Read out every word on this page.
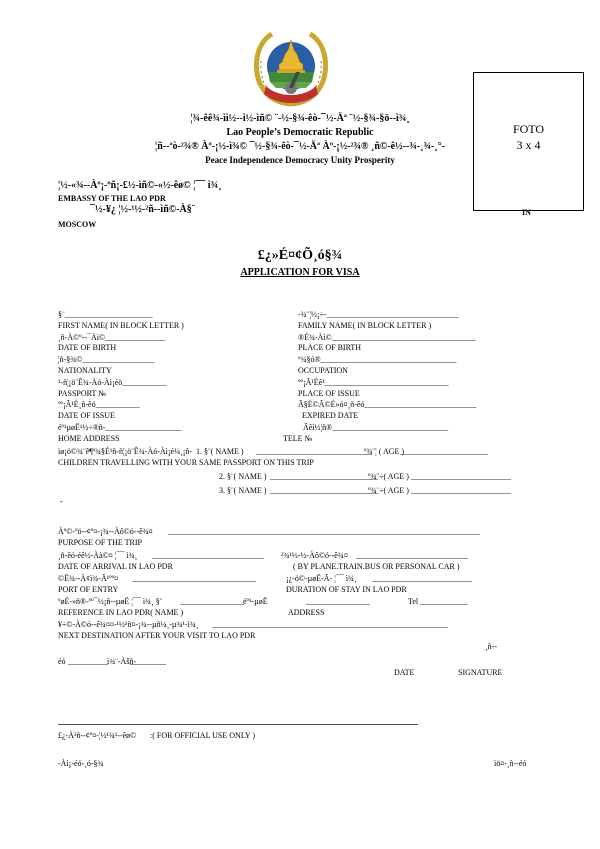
¦¾-êê¾-ìì½--ì½-ìñ© ¨-½-§¾-êò-¯½-Äª ¨½-§¾-§ö--ì¾¸
Lao People’s Democratic Republic
¦ñ--ªò-²¾® Àº-¡½-ì¾© ¯½-§¾-êò-¯½-Äª Àº-¡½-²¾® ¸ñ©-ê½--¾-¸¾-¸°-
Peace Independence Democracy Unity Prosperity
FOTO
3 x 4
¦½-«¾--Àº¡-ºñ¡-£½-ìñ©-«½-êø© ¦¯¯ ì¾¸
EMBASSY OF THE LAO PDR
¯½-¥¿ ¦½-¹½-²ñ--ìñ©-À§¨	IN
MOSCOW
£¿»É¤¢Õ¸ó§¾
APPLICATION FOR VISA
§¨______________________	-¾¨¦½¡÷-_________________________________
FIRST NAME( IN BLOCK LETTER )	FAMILY NAME( IN BLOCK LETTER )
¸ñ-À©º--¯Àì©_______________	®É¾-Àì©____________________________________
DATE OF BIRTH	PLACE OF BIRTH
¦ñ-§¾©__________________	º¾§ó®__________________________________
NATIONALITY	OCCUPATION
¹-ñ¦¡ö¨Ê¾-Àó-Àì¡éö___________	ºº¡Ã¹Éê¹_______________________________
PASSPORT №	PLACE OF ISSUE
ºº¡Ã¹É¸ñ-êó___________	Ã§É©Ã©É»ó¤¸ñ-êó____________________________
DATE OF ISSUE	EXPIRED DATE
éº¹µøË¹½÷®ñ-___________________	Âêì½¦ñ®_____________________________
HOME ADDRESS	TELE №
ìø¡ö©¾¨ê¶ª¾§É¹ñ-ñ¦¡ö¨Ê¾-Àó-Àì¡é¼¸¡ñ- 1. §¨( NAME ) _____________________________
º¾¨¦ ( AGE )
______________________
CHILDREN TRAVELLING WITH YOUR SAME PASSPORT ON THIS TRIP
2. §¨( NAME ) ___________________________
º¾¨÷( AGE ) _________________________
3. §¨( NAME ) ___________________________
º¾¨÷( AGE ) _________________________
-
Àº©-ºö--¢º¤-¡¾--Àô©ó--ê¾¤ ______________________________________________________________________________
PURPOSE OF THE TRIP
¸ñ-êó-éê½-Àà©¤ ¦¯¯ ì¾¸ ____________________________ ²¾¹½-½-Àô©ó--ê¾¤ ____________________________
DATE OF ARRIVAL IN LAO PDR	( BY PLANE.TRAIN.BUS OR PERSONAL CAR )
©Ë¾--À¢ì¾-Ã¹ºº¤ _______________________________	¡¿-ö©-µøË-Ã- ¦¯¯ ì¾¸ _________________________
PORT OF ENTRY	DURATION OF STAY IN LAO PDR
ºøÉ-»ñ®-ºº¯½¡ñ--µøË ¦¯¯ ì¾¸ §¨ ________________ éº¹-µøË	________________	Tel ____________
REFERENCE IN LAO PDR( NAME )	ADDRESS
¥÷©-À©ó--ê¾¤¤-¹½¹ñ¤-¡¾--µñ¼¸-µ¾¹-ì¾¸ ___________________________________________________________
NEXT DESTINATION AFTER YOUR VISIT TO LAO PDR
¸ñ--
éó __________ ì¾¨-Àšñ-
_________
DATE	SIGNATURE
£¿-À³ñ--¢º¤-¦½¹¾¹--êø© :( FOR OFFICIAL USE ONLY )
-Àì¡-éó-¸ó-§¾	ìö¤-¸ñ--éó
